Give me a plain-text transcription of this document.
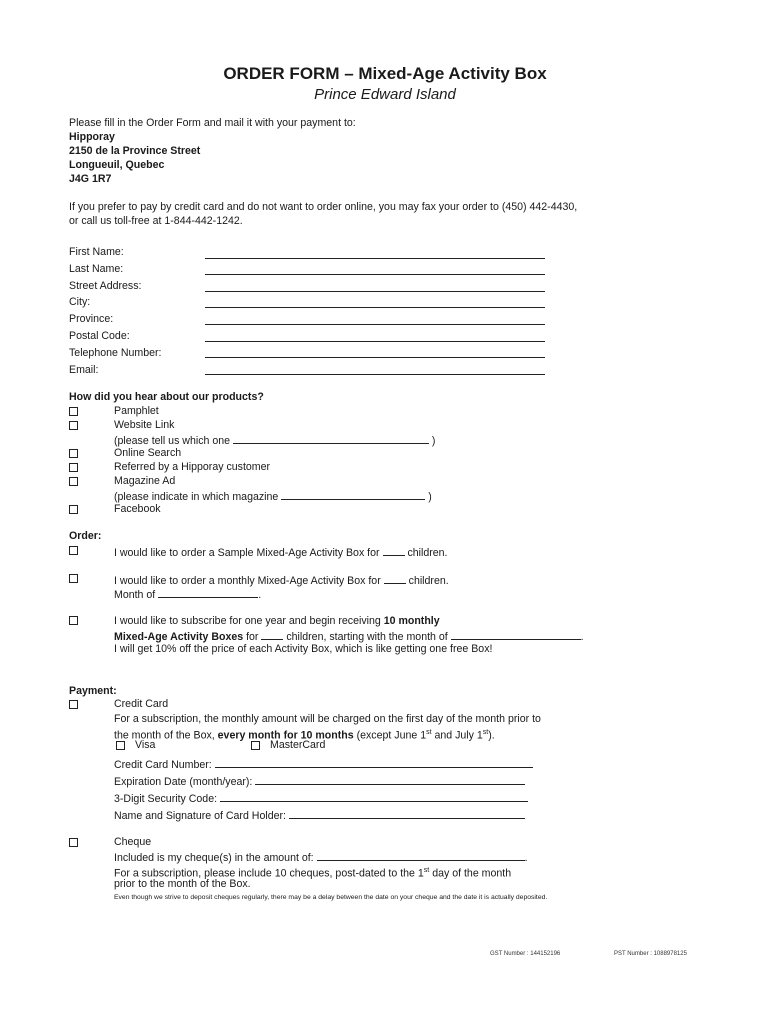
ORDER FORM – Mixed-Age Activity Box
Prince Edward Island
Please fill in the Order Form and mail it with your payment to:
Hipporay
2150 de la Province Street
Longueuil, Quebec
J4G 1R7
If you prefer to pay by credit card and do not want to order online, you may fax your order to (450) 442-4430,
or call us toll-free at 1-844-442-1242.
First Name:
Last Name:
Street Address:
City:
Province:
Postal Code:
Telephone Number:
Email:
How did you hear about our products?
Pamphlet
Website Link
(please tell us which one	)
Online Search
Referred by a Hipporay customer
Magazine Ad
(please indicate in which magazine	)
Facebook
Order:
I would like to order a Sample Mixed-Age Activity Box for	children.
I would like to order a monthly Mixed-Age Activity Box for	children.
Month of	.
I would like to subscribe for one year and begin receiving 10 monthly
Mixed-Age Activity Boxes for	children, starting with the month of	.
I will get 10% off the price of each Activity Box, which is like getting one free Box!
Payment:
Credit Card
For a subscription, the monthly amount will be charged on the first day of the month prior to
the month of the Box, every month for 10 months (except June 1st and July 1st).
Visa	MasterCard
Credit Card Number:
Expiration Date (month/year):
3-Digit Security Code:
Name and Signature of Card Holder:
Cheque
Included is my cheque(s) in the amount of:	.
For a subscription, please include 10 cheques, post-dated to the 1st day of the month
prior to the month of the Box.
Even though we strive to deposit cheques regularly, there may be a delay between the date on your cheque and the date it is actually deposited.
GST Number : 144152196	PST Number : 1088978125
